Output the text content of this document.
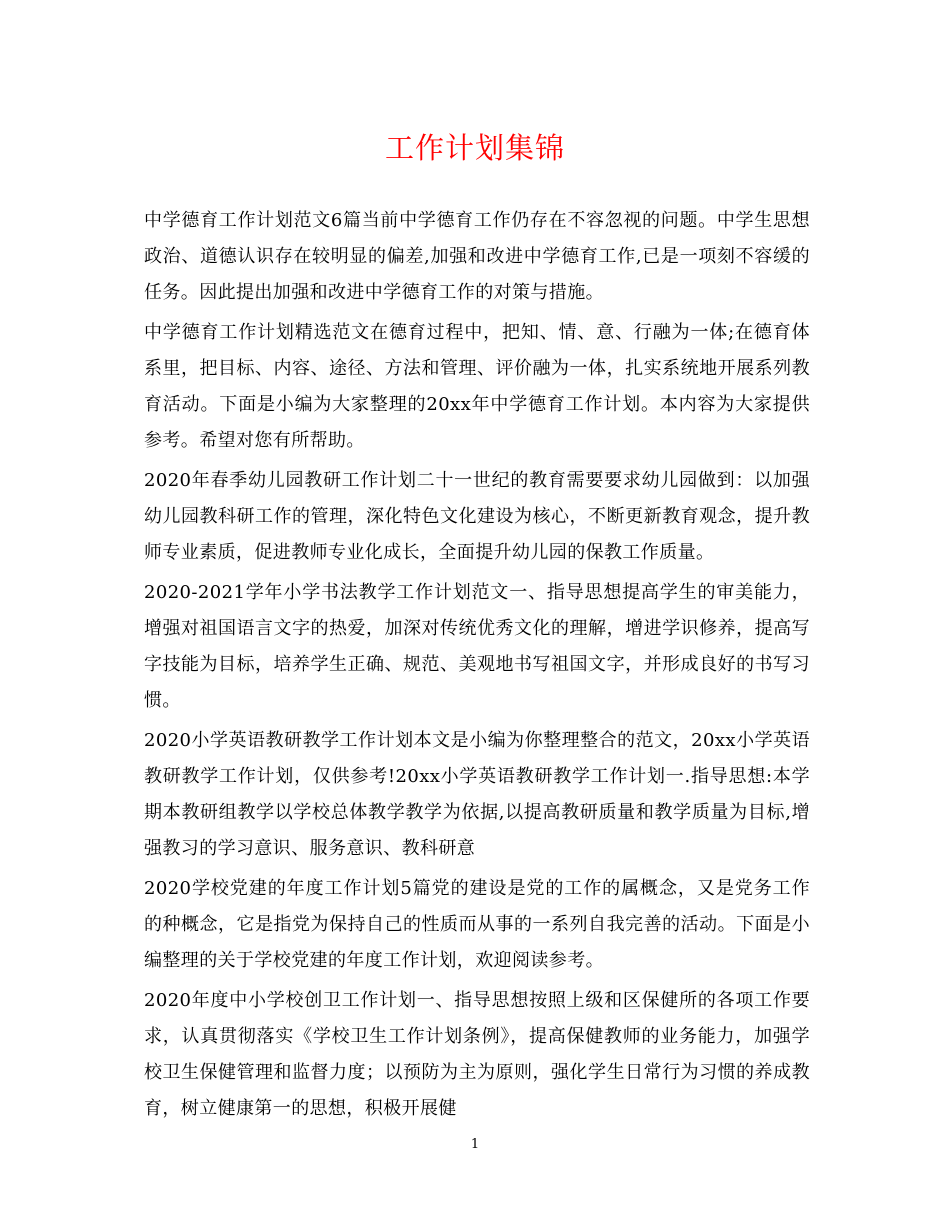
工作计划集锦

中学德育工作计划范文6篇当前中学德育工作仍存在不容忽视的问题。中学生思想政治、道德认识存在较明显的偏差,加强和改进中学德育工作,已是一项刻不容缓的任务。因此提出加强和改进中学德育工作的对策与措施。

中学德育工作计划精选范文在德育过程中，把知、情、意、行融为一体;在德育体系里，把目标、内容、途径、方法和管理、评价融为一体，扎实系统地开展系列教育活动。下面是小编为大家整理的20xx年中学德育工作计划。本内容为大家提供参考。希望对您有所帮助。

2020年春季幼儿园教研工作计划二十一世纪的教育需要要求幼儿园做到：以加强幼儿园教科研工作的管理，深化特色文化建设为核心，不断更新教育观念，提升教师专业素质，促进教师专业化成长，全面提升幼儿园的保教工作质量。

2020-2021学年小学书法教学工作计划范文一、指导思想提高学生的审美能力，增强对祖国语言文字的热爱，加深对传统优秀文化的理解，增进学识修养，提高写字技能为目标，培养学生正确、规范、美观地书写祖国文字，并形成良好的书写习惯。

2020小学英语教研教学工作计划本文是小编为你整理整合的范文，20xx小学英语教研教学工作计划，仅供参考!20xx小学英语教研教学工作计划一.指导思想:本学期本教研组教学以学校总体教学教学为依据,以提高教研质量和教学质量为目标,增强教习的学习意识、服务意识、教科研意

2020学校党建的年度工作计划5篇党的建设是党的工作的属概念，又是党务工作的种概念，它是指党为保持自己的性质而从事的一系列自我完善的活动。下面是小编整理的关于学校党建的年度工作计划，欢迎阅读参考。

2020年度中小学校创卫工作计划一、指导思想按照上级和区保健所的各项工作要求，认真贯彻落实《学校卫生工作计划条例》，提高保健教师的业务能力，加强学校卫生保健管理和监督力度；以预防为主为原则，强化学生日常行为习惯的养成教育，树立健康第一的思想，积极开展健

1
